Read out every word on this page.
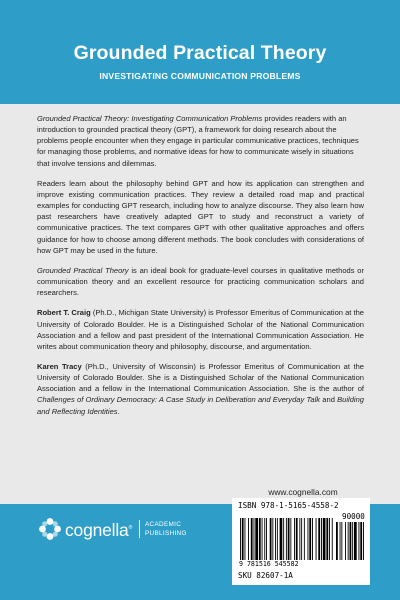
Grounded Practical Theory
INVESTIGATING COMMUNICATION PROBLEMS

Grounded Practical Theory: Investigating Communication Problems provides readers with an introduction to grounded practical theory (GPT), a framework for doing research about the problems people encounter when they engage in particular communicative practices, techniques for managing those problems, and normative ideas for how to communicate wisely in situations that involve tensions and dilemmas.

Readers learn about the philosophy behind GPT and how its application can strengthen and improve existing communication practices. They review a detailed road map and practical examples for conducting GPT research, including how to analyze discourse. They also learn how past researchers have creatively adapted GPT to study and reconstruct a variety of communicative practices. The text compares GPT with other qualitative approaches and offers guidance for how to choose among different methods. The book concludes with considerations of how GPT may be used in the future.

Grounded Practical Theory is an ideal book for graduate-level courses in qualitative methods or communication theory and an excellent resource for practicing communication scholars and researchers.

Robert T. Craig (Ph.D., Michigan State University) is Professor Emeritus of Communication at the University of Colorado Boulder. He is a Distinguished Scholar of the National Communication Association and a fellow and past president of the International Communication Association. He writes about communication theory and philosophy, discourse, and argumentation.

Karen Tracy (Ph.D., University of Wisconsin) is Professor Emeritus of Communication at the University of Colorado Boulder. She is a Distinguished Scholar of the National Communication Association and a fellow in the International Communication Association. She is the author of Challenges of Ordinary Democracy: A Case Study in Deliberation and Everyday Talk and Building and Reflecting Identities.

www.cognella.com
cognella® ACADEMIC
PUBLISHING
ISBN 978-1-5165-4558-2
90000
9 781516 545582
SKU 82607-1A
